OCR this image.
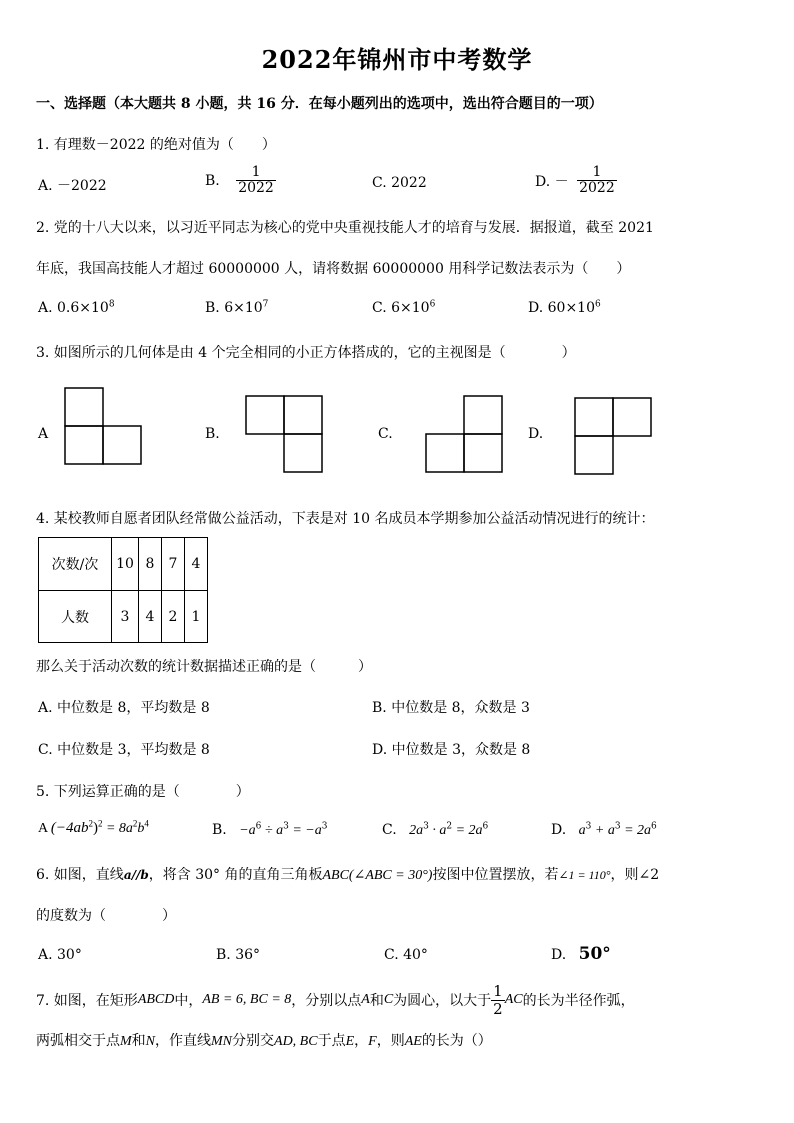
2022年锦州市中考数学
一、选择题（本大题共 8 小题，共 16 分．在每小题列出的选项中，选出符合题目的一项）
1. 有理数－2022 的绝对值为（　　）
A. －2022	B. $\frac{1}{2022}$	C. 2022	D. － $\frac{1}{2022}$
2. 党的十八大以来，以习近平同志为核心的党中央重视技能人才的培育与发展．据报道，截至 2021
年底，我国高技能人才超过 60000000 人，请将数据 60000000 用科学记数法表示为（　　）
A. $0.6\times 10^8$	B. $6\times 10^7$	C. $6\times 10^6$	D. $60\times 10^6$
3. 如图所示的几何体是由 4 个完全相同的小正方体搭成的，它的主视图是（　　　　）
A	B.	C.	D.
4. 某校教师自愿者团队经常做公益活动，下表是对 10 名成员本学期参加公益活动情况进行的统计：
次数/次	10	8	7	4
人数	3	4	2	1
那么关于活动次数的统计数据描述正确的是（　　　）
A. 中位数是 8，平均数是 8	B. 中位数是 8，众数是 3
C. 中位数是 3，平均数是 8	D. 中位数是 3，众数是 8
5. 下列运算正确的是（　　　　）
A $(-4ab^2)^2 = 8a^2b^4$	B. $-a^6 \div a^3 = -a^3$	C. $2a^3 \cdot a^2 = 2a^6$	D. $a^3 + a^3 = 2a^6$
6. 如图，直线a//b，将含 30° 角的直角三角板ABC(∠ABC = 30°)按图中位置摆放，若∠1 = 110°，则∠2
的度数为（　　　　）
A. 30°	B. 36°	C. 40°	D. 50°
7. 如图，在矩形ABCD中，AB = 6, BC = 8，分别以点A和C为圆心，以大于 $\frac{1}{2}$ AC的长为半径作弧，
两弧相交于点M和N，作直线MN分别交AD, BC于点E，F，则AE的长为（）
